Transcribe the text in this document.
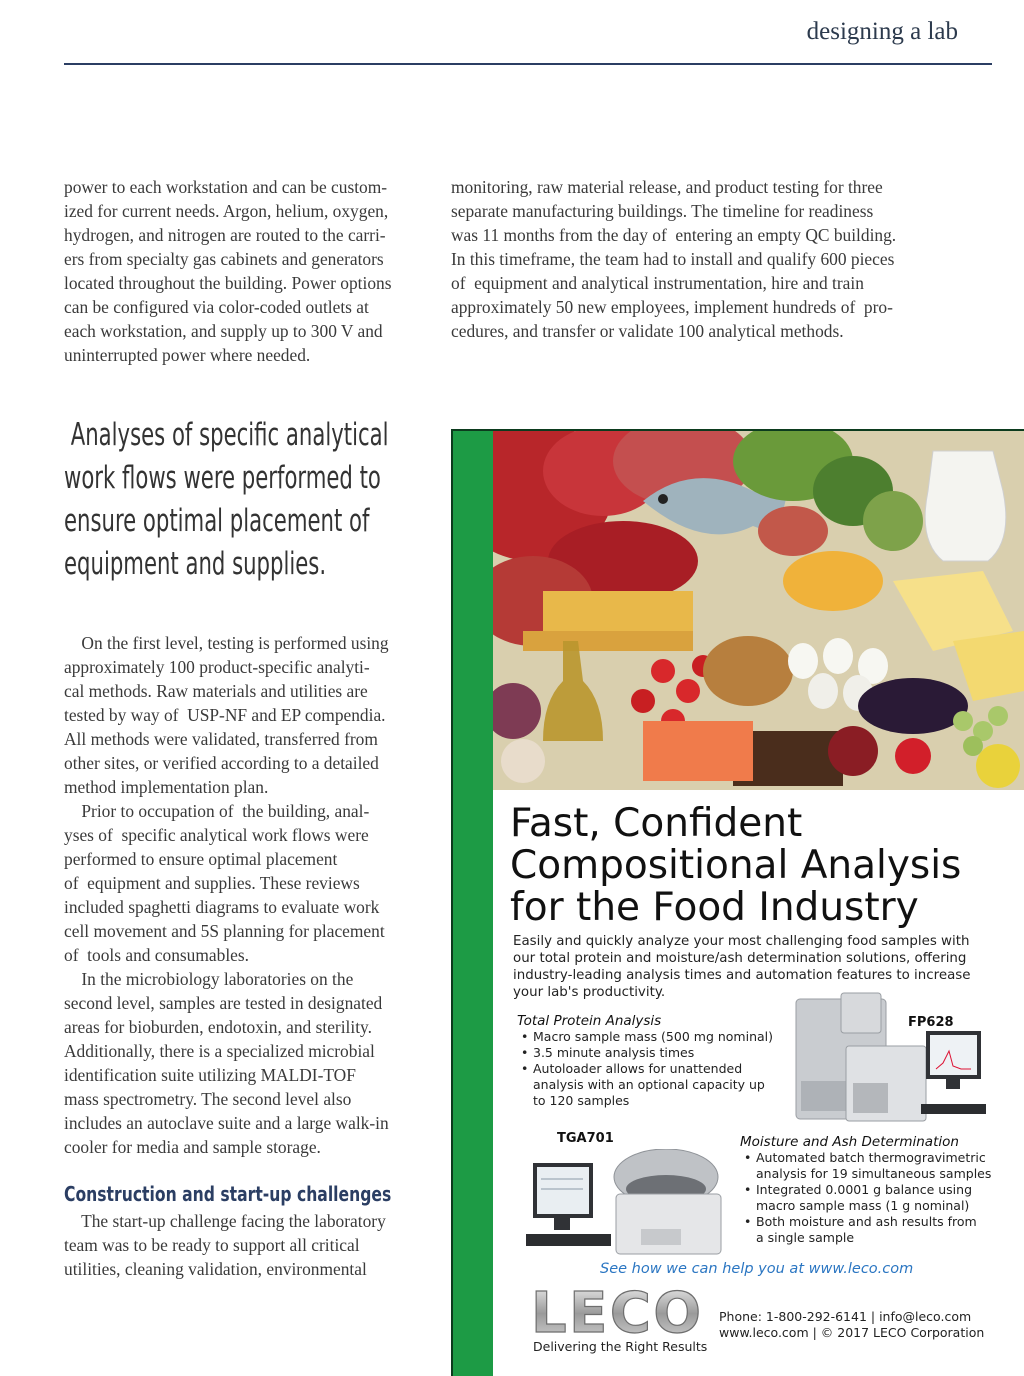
designing a lab
power to each workstation and can be custom-
ized for current needs. Argon, helium, oxygen,
hydrogen, and nitrogen are routed to the carri-
ers from specialty gas cabinets and generators
located throughout the building. Power options
can be configured via color-coded outlets at
each workstation, and supply up to 300 V and
uninterrupted power where needed.
monitoring, raw material release, and product testing for three
separate manufacturing buildings. The timeline for readiness
was 11 months from the day of  entering an empty QC building.
In this timeframe, the team had to install and qualify 600 pieces
of  equipment and analytical instrumentation, hire and train
approximately 50 new employees, implement hundreds of  pro-
cedures, and transfer or validate 100 analytical methods.
Analyses of specific analytical
work flows were performed to
ensure optimal placement of
equipment and supplies.
On the first level, testing is performed using
approximately 100 product-specific analyti-
cal methods. Raw materials and utilities are
tested by way of  USP-NF and EP compendia.
All methods were validated, transferred from
other sites, or verified according to a detailed
method implementation plan.
Prior to occupation of  the building, anal-
yses of  specific analytical work flows were
performed to ensure optimal placement
of  equipment and supplies. These reviews
included spaghetti diagrams to evaluate work
cell movement and 5S planning for placement
of  tools and consumables.
In the microbiology laboratories on the
second level, samples are tested in designated
areas for bioburden, endotoxin, and sterility.
Additionally, there is a specialized microbial
identification suite utilizing MALDI-TOF
mass spectrometry. The second level also
includes an autoclave suite and a large walk-in
cooler for media and sample storage.
Construction and start-up challenges
The start-up challenge facing the laboratory
team was to be ready to support all critical
utilities, cleaning validation, environmental
Fast, Confident
Compositional Analysis
for the Food Industry
Easily and quickly analyze your most challenging food samples with
our total protein and moisture/ash determination solutions, offering
industry-leading analysis times and automation features to increase
your lab's productivity.
Total Protein Analysis
• Macro sample mass (500 mg nominal)
• 3.5 minute analysis times
• Autoloader allows for unattended
analysis with an optional capacity up
to 120 samples
FP628
TGA701	Moisture and Ash Determination
• Automated batch thermogravimetric
analysis for 19 simultaneous samples
• Integrated 0.0001 g balance using
macro sample mass (1 g nominal)
• Both moisture and ash results from
a single sample
See how we can help you at www.leco.com
LECO
Delivering the Right Results
Phone: 1-800-292-6141 | info@leco.com
www.leco.com | © 2017 LECO Corporation
